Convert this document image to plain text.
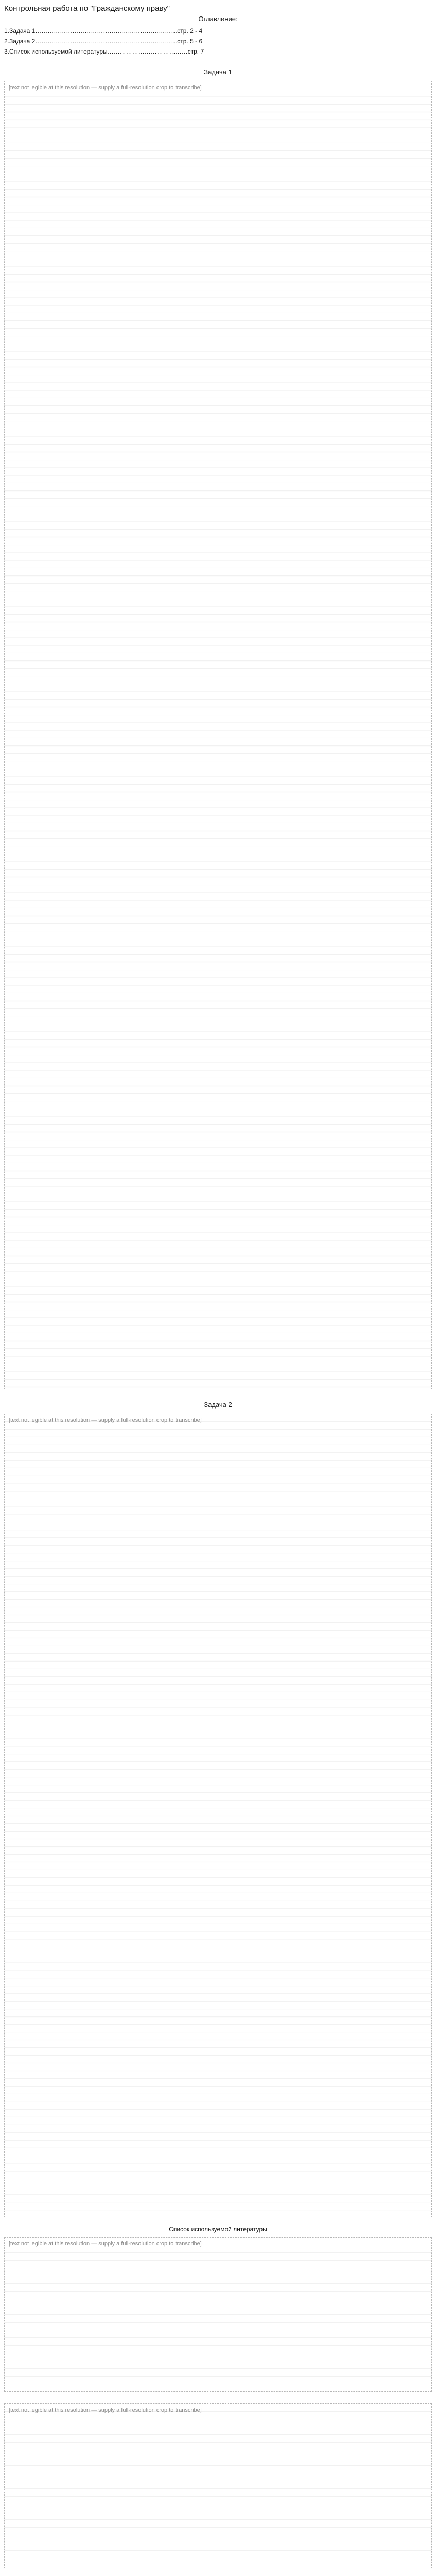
Контрольная работа по "Гражданскому праву"
Оглавление:
1.Задача 1……………………………………………………………стр. 2 - 4
2.Задача 2……………………………………………………………стр. 5 - 6
3.Список используемой литературы…………………………………стр. 7
Задача 1
[text not legible at this resolution — supply a full-resolution crop to transcribe]
Задача 2
[text not legible at this resolution — supply a full-resolution crop to transcribe]
Список используемой литературы
[text not legible at this resolution — supply a full-resolution crop to transcribe]
[text not legible at this resolution — supply a full-resolution crop to transcribe]
